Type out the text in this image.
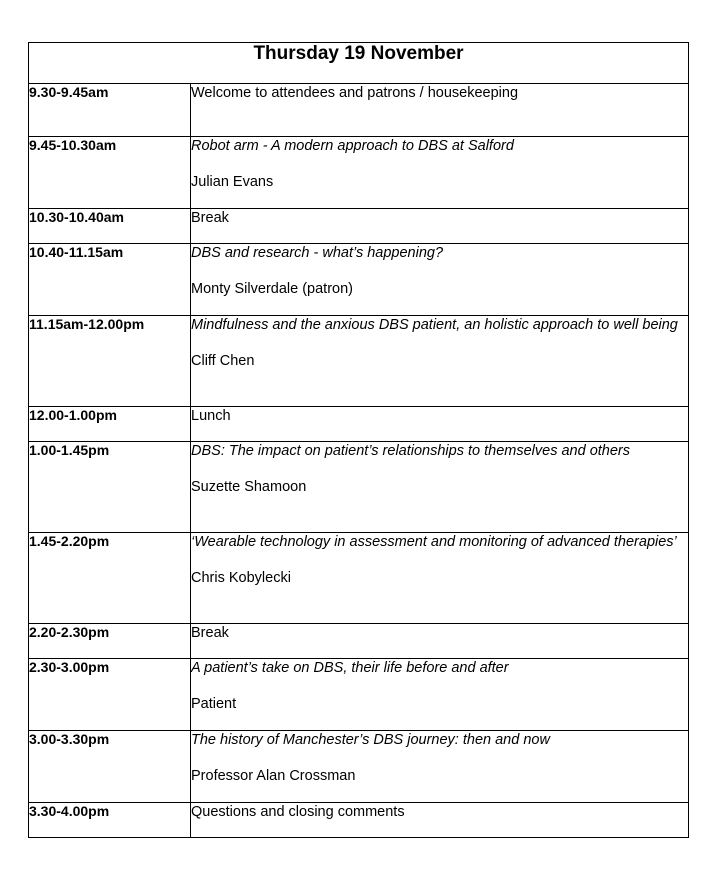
Thursday 19 November	
9.30-9.45am	Welcome to attendees and patrons / housekeeping

9.45-10.30am	Robot arm - A modern approach to DBS at Salford
Julian Evans

10.30-10.40am	Break

10.40-11.15am	DBS and research - what’s happening?
Monty Silverdale (patron)

11.15am-12.00pm	Mindfulness and the anxious DBS patient, an holistic approach to well being
Cliff Chen

12.00-1.00pm	Lunch

1.00-1.45pm	DBS: The impact on patient’s relationships to themselves and others
Suzette Shamoon

1.45-2.20pm	‘Wearable technology in assessment and monitoring of advanced therapies’
Chris Kobylecki

2.20-2.30pm	Break

2.30-3.00pm	A patient’s take on DBS, their life before and after
Patient

3.00-3.30pm	The history of Manchester’s DBS journey: then and now
Professor Alan Crossman

3.30-4.00pm	Questions and closing comments
